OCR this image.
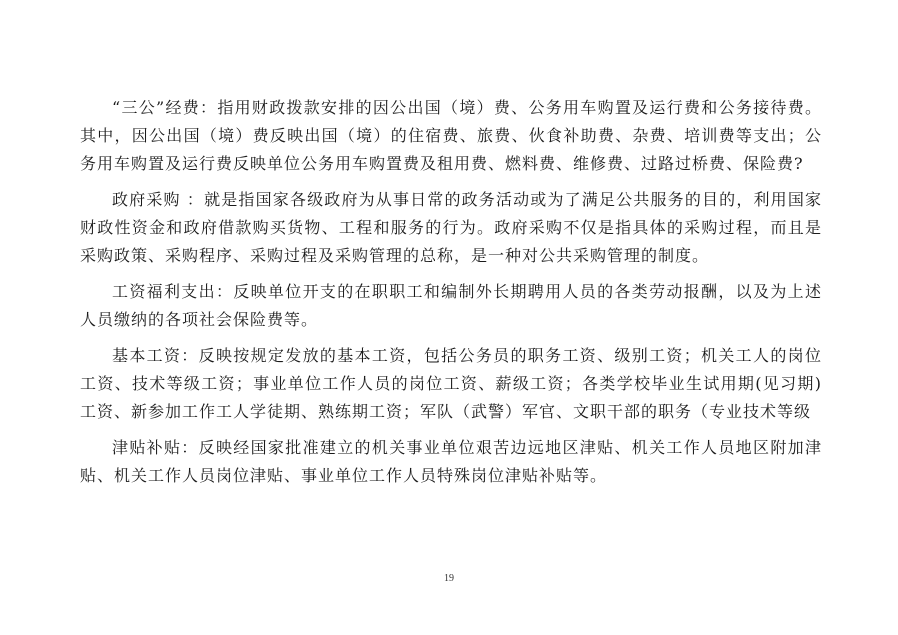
“三公”经费：指用财政拨款安排的因公出国（境）费、公务用车购置及运行费和公务接待费。其中，因公出国（境）费反映出国（境）的住宿费、旅费、伙食补助费、杂费、培训费等支出；公务用车购置及运行费反映单位公务用车购置费及租用费、燃料费、维修费、过路过桥费、保险费?

政府采购 ：就是指国家各级政府为从事日常的政务活动或为了满足公共服务的目的，利用国家财政性资金和政府借款购买货物、工程和服务的行为。政府采购不仅是指具体的采购过程，而且是采购政策、采购程序、采购过程及采购管理的总称，是一种对公共采购管理的制度。

工资福利支出：反映单位开支的在职职工和编制外长期聘用人员的各类劳动报酬，以及为上述人员缴纳的各项社会保险费等。

基本工资：反映按规定发放的基本工资，包括公务员的职务工资、级别工资；机关工人的岗位工资、技术等级工资；事业单位工作人员的岗位工资、薪级工资；各类学校毕业生试用期(见习期)工资、新参加工作工人学徒期、熟练期工资；军队（武警）军官、文职干部的职务（专业技术等级

津贴补贴：反映经国家批准建立的机关事业单位艰苦边远地区津贴、机关工作人员地区附加津贴、机关工作人员岗位津贴、事业单位工作人员特殊岗位津贴补贴等。

19
